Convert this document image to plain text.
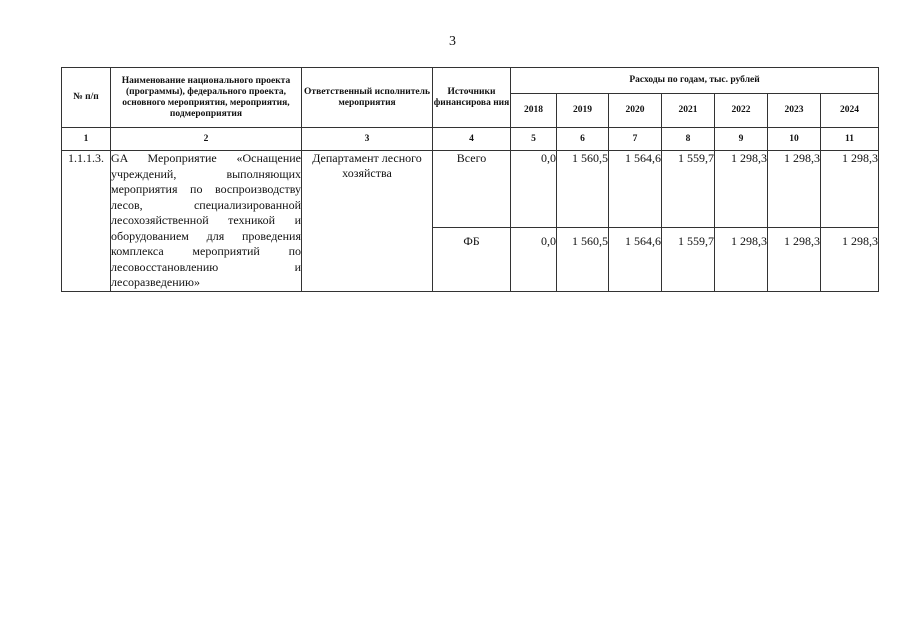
3
№ п/п	Наименование национального проекта (программы), федерального проекта, основного мероприятия, мероприятия, подмероприятия	Ответственный исполнитель мероприятия	Источники финансирова ния	Расходы по годам, тыс. рублей						
				2018	2019	2020	2021	2022	2023	2024
1	2	3	4	5	6	7	8	9	10	11
1.1.1.3.	GA Мероприятие «Оснащение учреждений, выполняющих мероприятия по воспроизводству лесов, специализированной лесохозяйственной техникой и оборудованием для проведения комплекса мероприятий по лесовосстановлению и лесоразведению»	Департамент лесного хозяйства	Всего	0,0	1 560,5	1 564,6	1 559,7	1 298,3	1 298,3	1 298,3
			ФБ	0,0	1 560,5	1 564,6	1 559,7	1 298,3	1 298,3	1 298,3
